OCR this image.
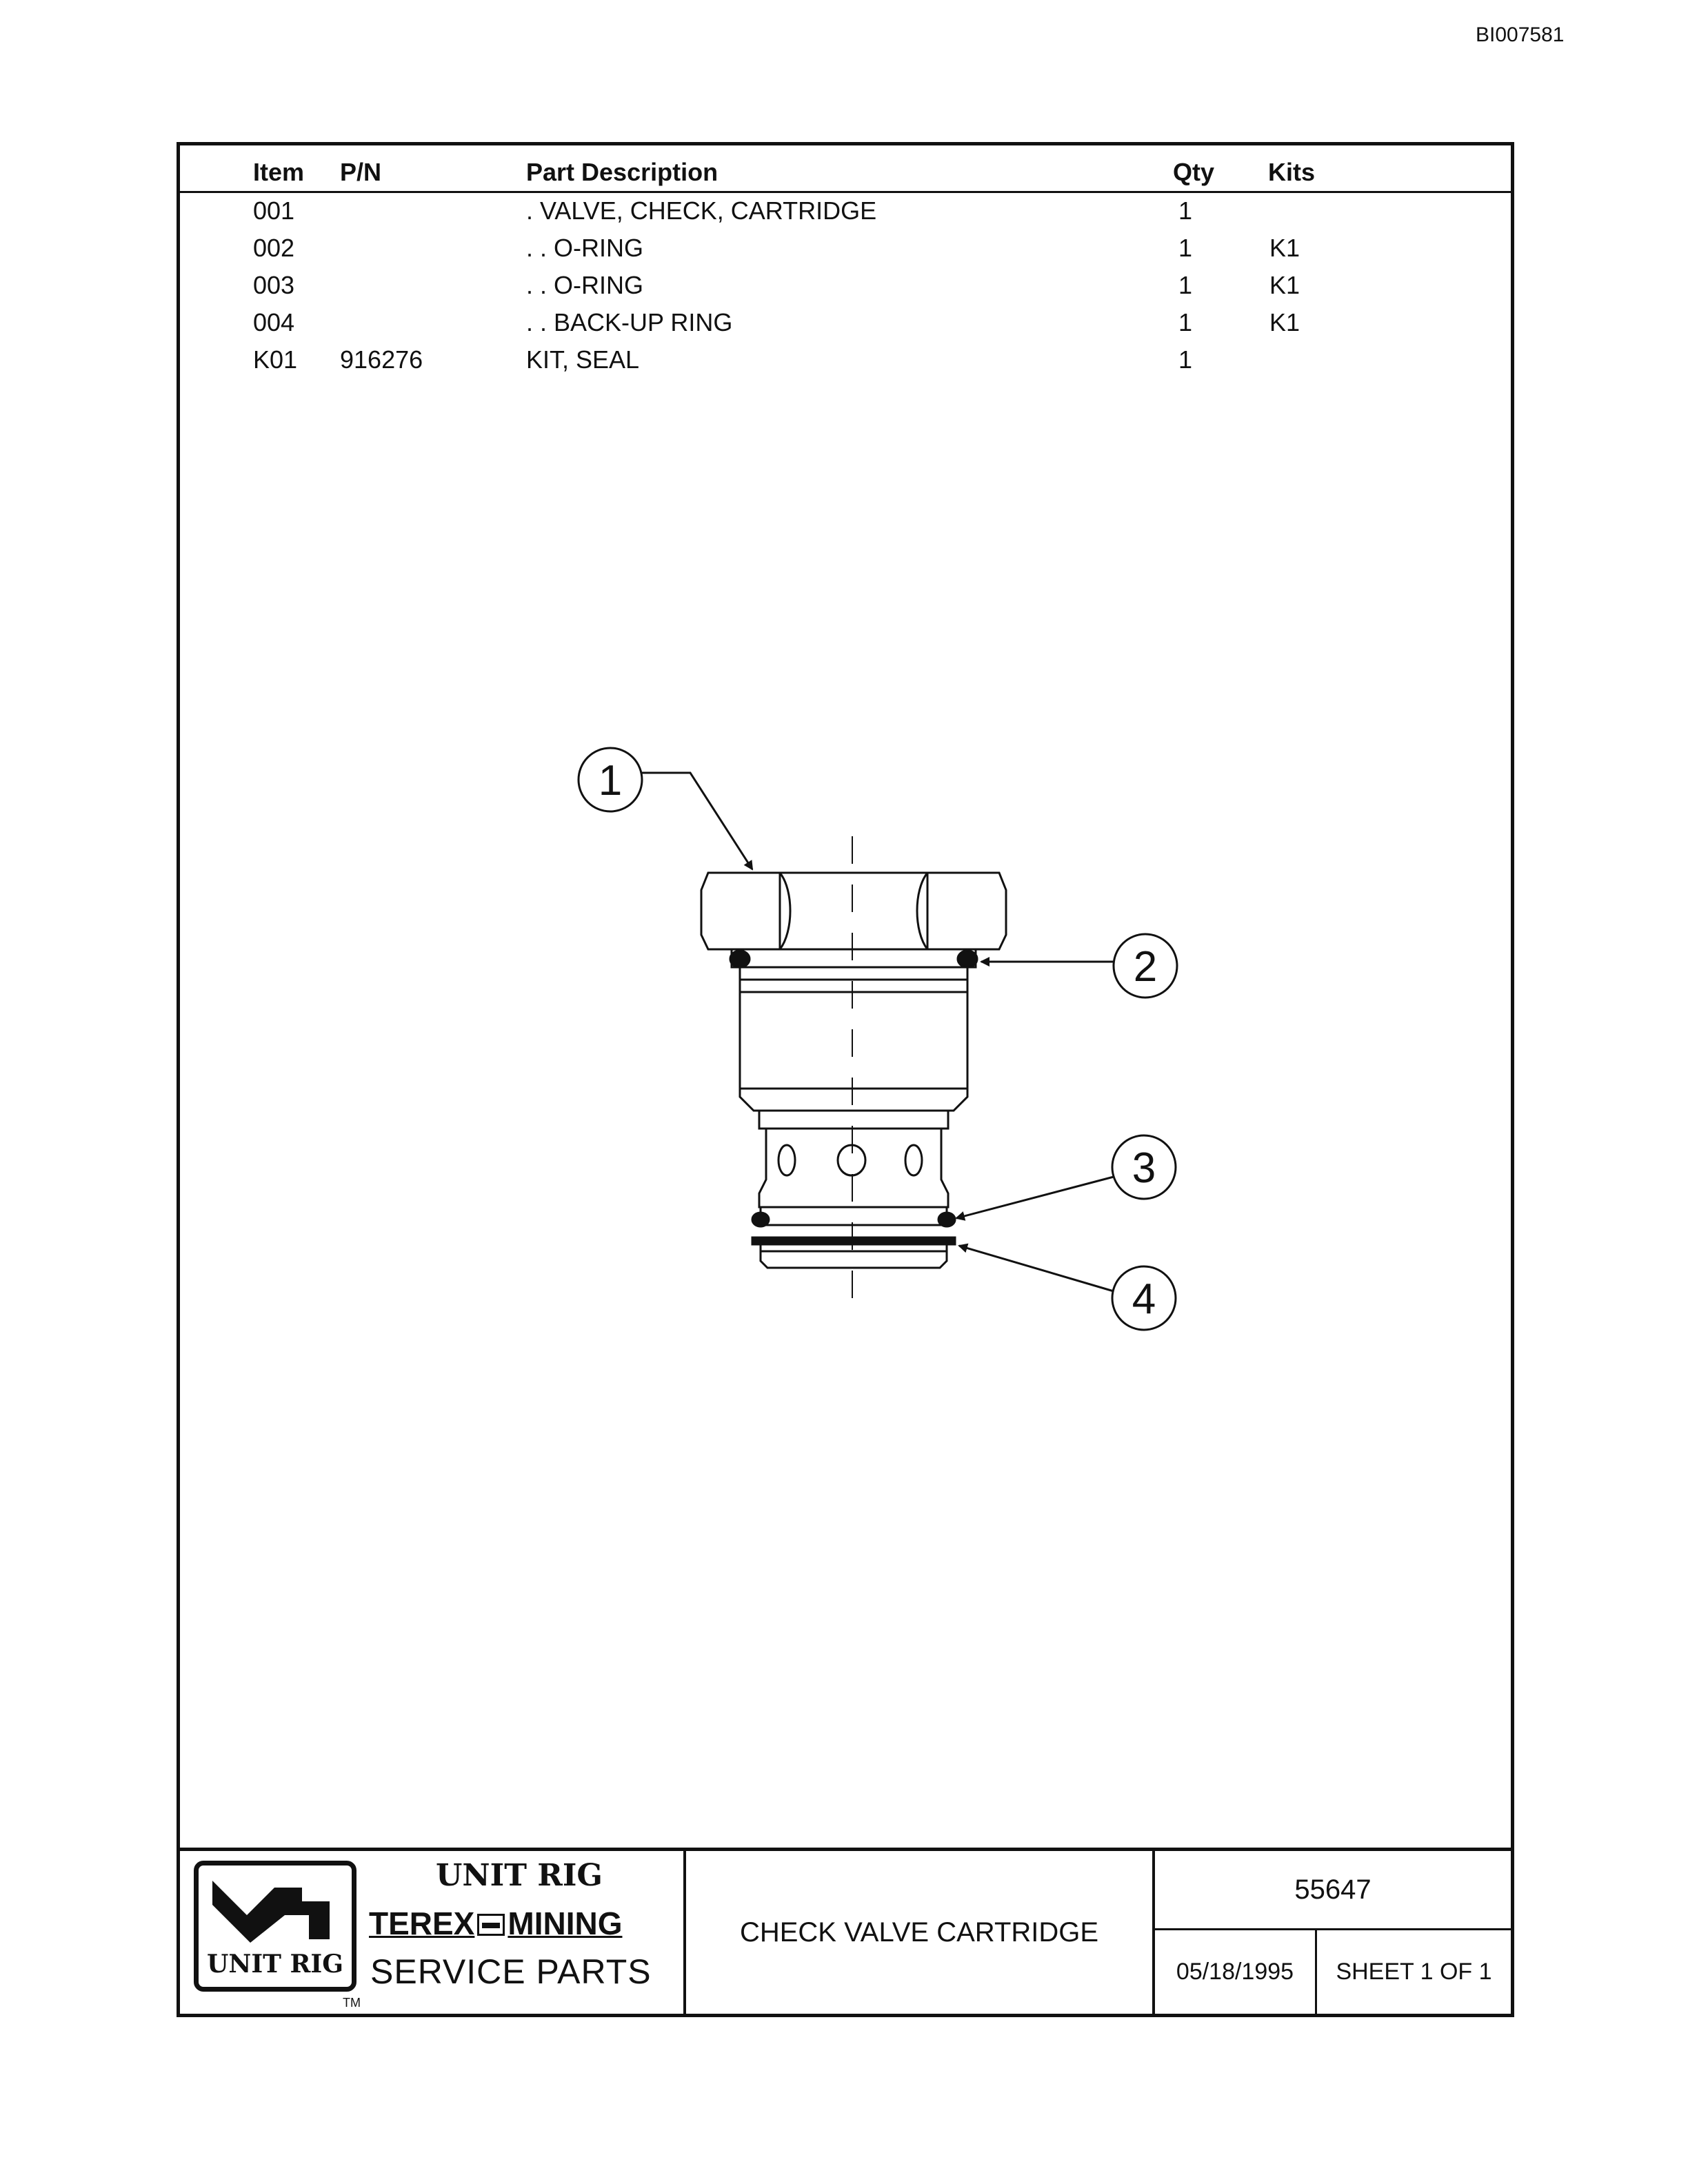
BI007581
Item P/N	Part Description	Qty Kits
001	. VALVE, CHECK, CARTRIDGE	1
002	. . O-RING	1	K1
003	. . O-RING	1	K1
004	. . BACK-UP RING	1	K1
K01 916276	KIT, SEAL	1
1
2
3
4
UNIT RIG
UNIT RIG
TEREX MINING
SERVICE PARTS
TM
CHECK VALVE CARTRIDGE
55647
05/18/1995	SHEET 1 OF 1
